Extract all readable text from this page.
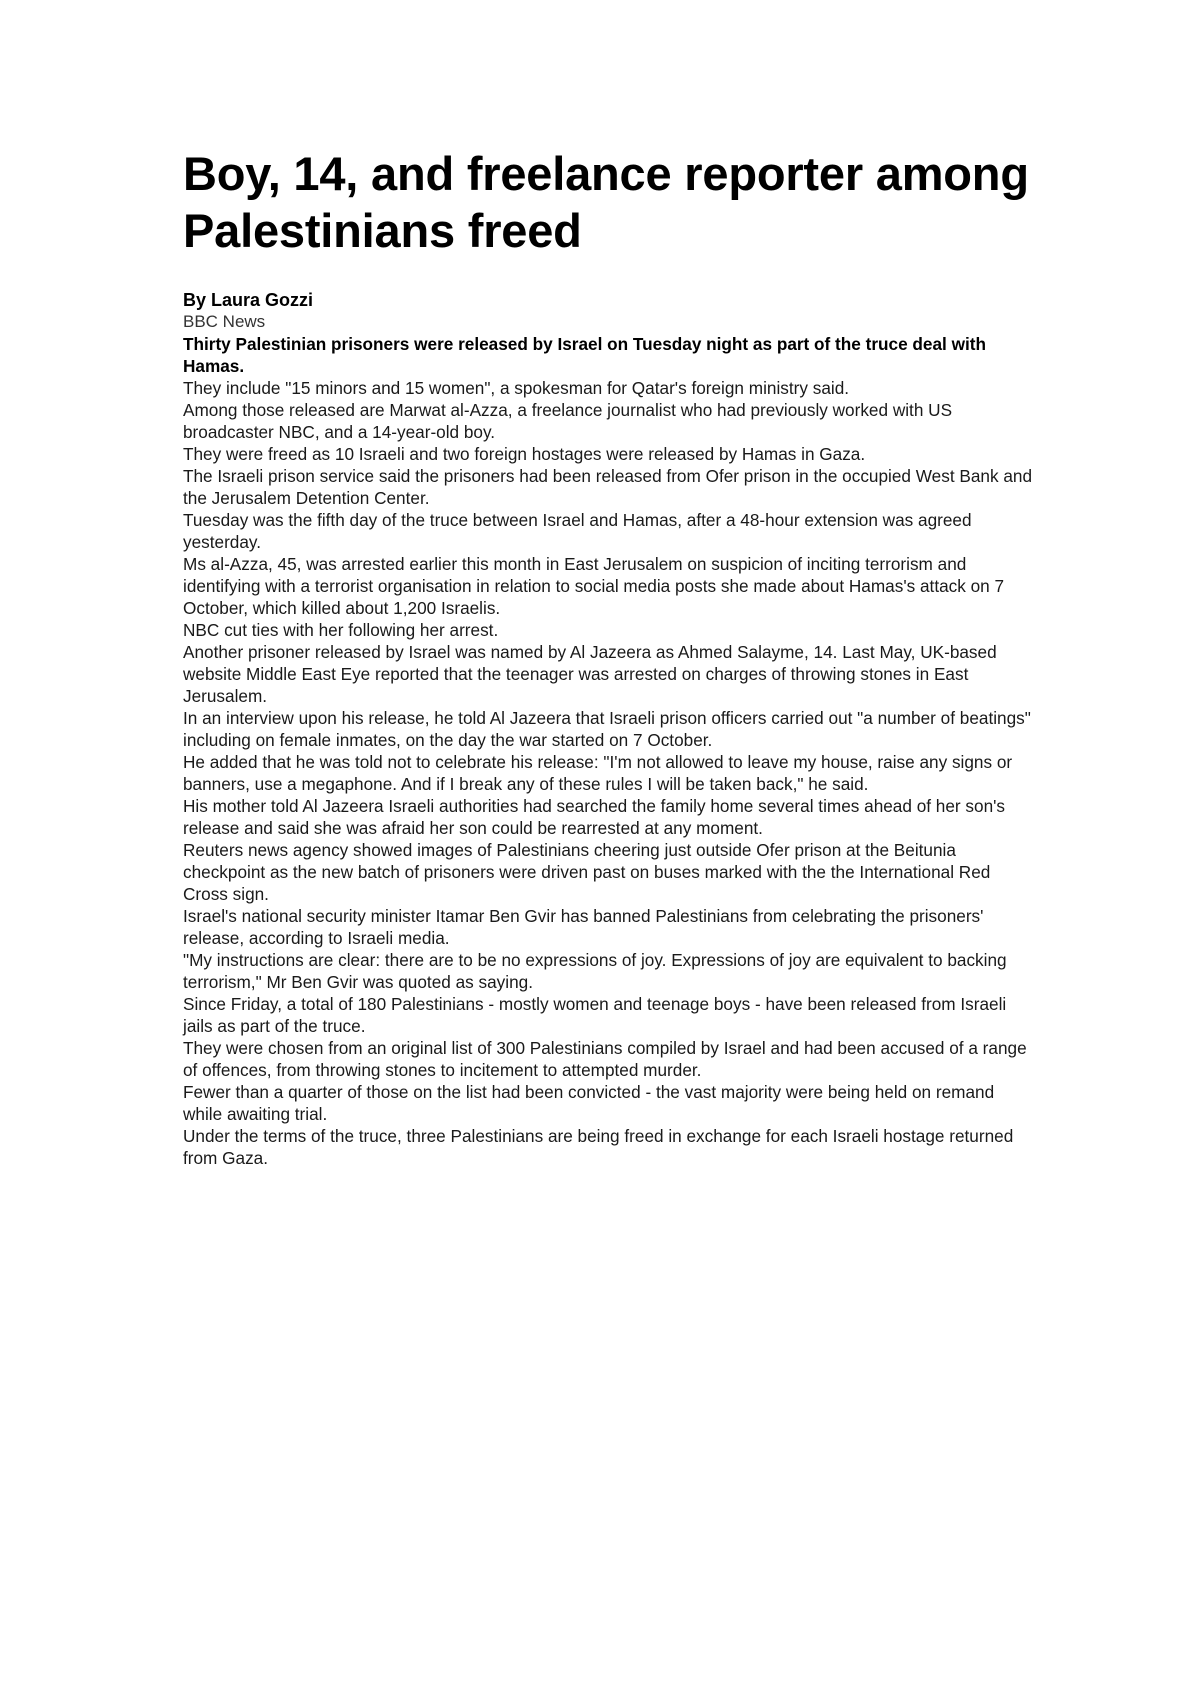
Boy, 14, and freelance reporter among Palestinians freed
By Laura Gozzi
BBC News

Thirty Palestinian prisoners were released by Israel on Tuesday night as part of the truce deal with Hamas.

They include "15 minors and 15 women", a spokesman for Qatar's foreign ministry said.

Among those released are Marwat al-Azza, a freelance journalist who had previously worked with US broadcaster NBC, and a 14-year-old boy.

They were freed as 10 Israeli and two foreign hostages were released by Hamas in Gaza.

The Israeli prison service said the prisoners had been released from Ofer prison in the occupied West Bank and the Jerusalem Detention Center.

Tuesday was the fifth day of the truce between Israel and Hamas, after a 48-hour extension was agreed yesterday.

Ms al-Azza, 45, was arrested earlier this month in East Jerusalem on suspicion of inciting terrorism and identifying with a terrorist organisation in relation to social media posts she made about Hamas's attack on 7 October, which killed about 1,200 Israelis.

NBC cut ties with her following her arrest.

Another prisoner released by Israel was named by Al Jazeera as Ahmed Salayme, 14. Last May, UK-based website Middle East Eye reported that the teenager was arrested on charges of throwing stones in East Jerusalem.

In an interview upon his release, he told Al Jazeera that Israeli prison officers carried out "a number of beatings" including on female inmates, on the day the war started on 7 October.

He added that he was told not to celebrate his release: "I'm not allowed to leave my house, raise any signs or banners, use a megaphone. And if I break any of these rules I will be taken back," he said.

His mother told Al Jazeera Israeli authorities had searched the family home several times ahead of her son's release and said she was afraid her son could be rearrested at any moment.

Reuters news agency showed images of Palestinians cheering just outside Ofer prison at the Beitunia checkpoint as the new batch of prisoners were driven past on buses marked with the the International Red Cross sign.

Israel's national security minister Itamar Ben Gvir has banned Palestinians from celebrating the prisoners' release, according to Israeli media.

"My instructions are clear: there are to be no expressions of joy. Expressions of joy are equivalent to backing terrorism," Mr Ben Gvir was quoted as saying.

Since Friday, a total of 180 Palestinians - mostly women and teenage boys - have been released from Israeli jails as part of the truce.

They were chosen from an original list of 300 Palestinians compiled by Israel and had been accused of a range of offences, from throwing stones to incitement to attempted murder.

Fewer than a quarter of those on the list had been convicted - the vast majority were being held on remand while awaiting trial.

Under the terms of the truce, three Palestinians are being freed in exchange for each Israeli hostage returned from Gaza.
